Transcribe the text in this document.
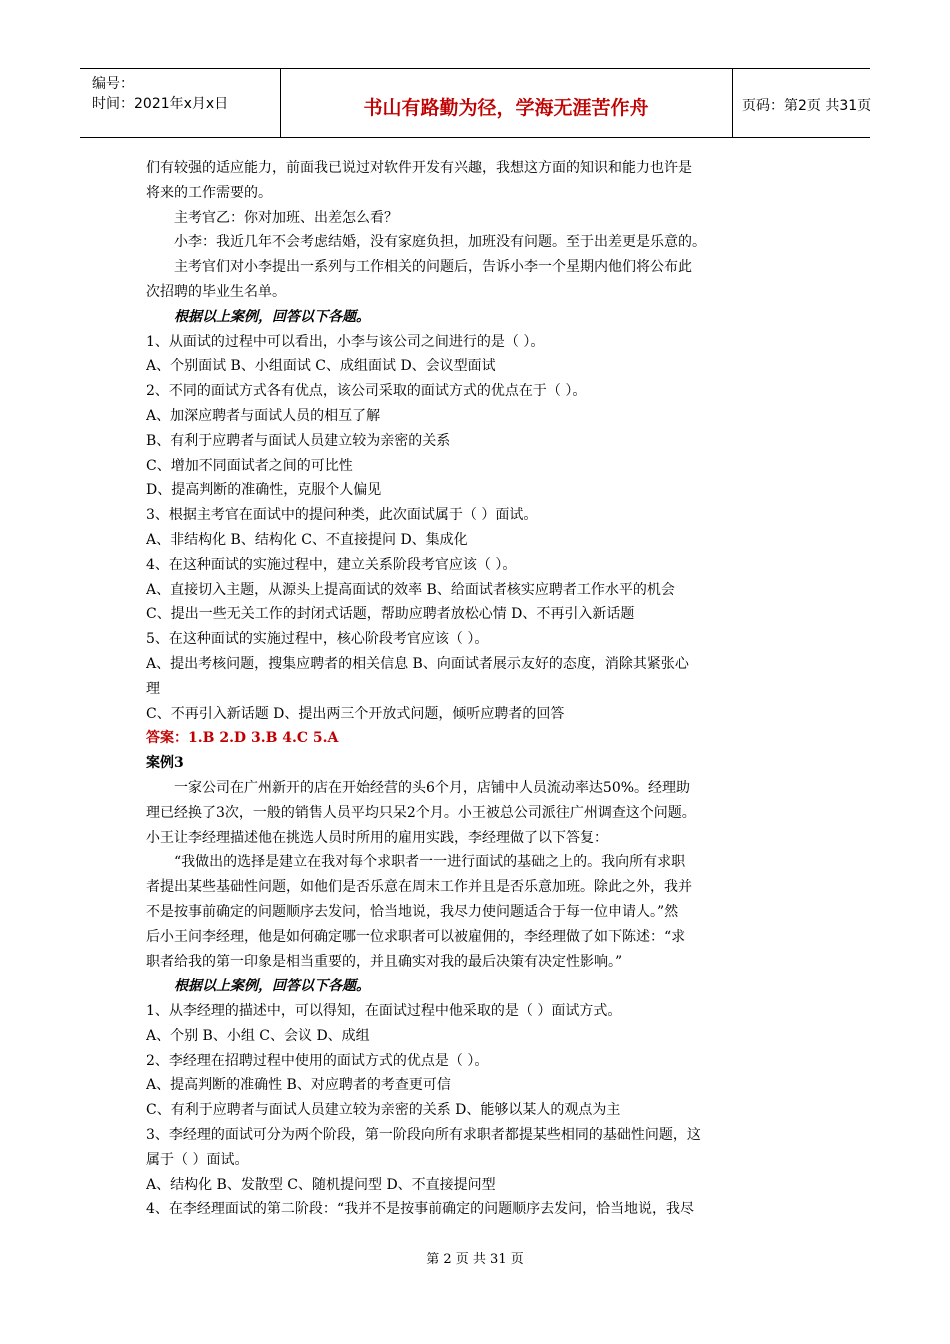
编号：
时间：2021年x月x日	书山有路勤为径，学海无涯苦作舟	页码：第2页 共31页
们有较强的适应能力，前面我已说过对软件开发有兴趣，我想这方面的知识和能力也许是
将来的工作需要的。
主考官乙：你对加班、出差怎么看？
小李：我近几年不会考虑结婚，没有家庭负担，加班没有问题。至于出差更是乐意的。
主考官们对小李提出一系列与工作相关的问题后，告诉小李一个星期内他们将公布此
次招聘的毕业生名单。
根据以上案例，回答以下各题。
1、从面试的过程中可以看出，小李与该公司之间进行的是（ ）。
A、个别面试 B、小组面试 C、成组面试 D、会议型面试
2、不同的面试方式各有优点，该公司采取的面试方式的优点在于（ ）。
A、加深应聘者与面试人员的相互了解
B、有利于应聘者与面试人员建立较为亲密的关系
C、增加不同面试者之间的可比性
D、提高判断的准确性，克服个人偏见
3、根据主考官在面试中的提问种类，此次面试属于（ ）面试。
A、非结构化 B、结构化 C、不直接提问 D、集成化
4、在这种面试的实施过程中，建立关系阶段考官应该（ ）。
A、直接切入主题，从源头上提高面试的效率 B、给面试者核实应聘者工作水平的机会
C、提出一些无关工作的封闭式话题，帮助应聘者放松心情 D、不再引入新话题
5、在这种面试的实施过程中，核心阶段考官应该（ ）。
A、提出考核问题，搜集应聘者的相关信息 B、向面试者展示友好的态度，消除其紧张心
理
C、不再引入新话题 D、提出两三个开放式问题，倾听应聘者的回答
答案：1.B 2.D 3.B 4.C 5.A
案例3
一家公司在广州新开的店在开始经营的头6个月，店铺中人员流动率达50%。经理助
理已经换了3次，一般的销售人员平均只呆2个月。小王被总公司派往广州调查这个问题。
小王让李经理描述他在挑选人员时所用的雇用实践，李经理做了以下答复：
“我做出的选择是建立在我对每个求职者一一进行面试的基础之上的。我向所有求职
者提出某些基础性问题，如他们是否乐意在周末工作并且是否乐意加班。除此之外，我并
不是按事前确定的问题顺序去发问，恰当地说，我尽力使问题适合于每一位申请人。”然
后小王问李经理，他是如何确定哪一位求职者可以被雇佣的，李经理做了如下陈述：“求
职者给我的第一印象是相当重要的，并且确实对我的最后决策有决定性影响。”
根据以上案例，回答以下各题。
1、从李经理的描述中，可以得知，在面试过程中他采取的是（ ）面试方式。
A、个别 B、小组 C、会议 D、成组
2、李经理在招聘过程中使用的面试方式的优点是（ ）。
A、提高判断的准确性 B、对应聘者的考查更可信
C、有利于应聘者与面试人员建立较为亲密的关系 D、能够以某人的观点为主
3、李经理的面试可分为两个阶段，第一阶段向所有求职者都提某些相同的基础性问题，这
属于（ ）面试。
A、结构化 B、发散型 C、随机提问型 D、不直接提问型
4、在李经理面试的第二阶段：“我并不是按事前确定的问题顺序去发问，恰当地说，我尽
第 2 页 共 31 页
